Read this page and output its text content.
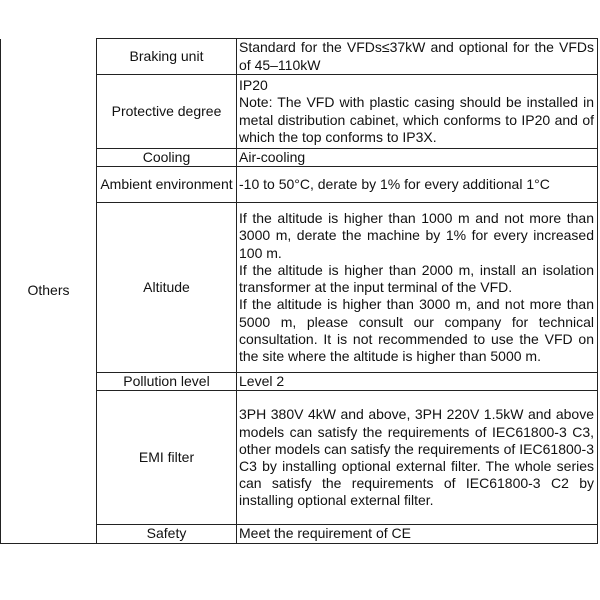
Others	Braking unit	Standard for the VFDs≤37kW and optional for the VFDs of 45–110kW

	Protective degree	IP20

Note: The VFD with plastic casing should be installed in metal distribution cabinet, which conforms to IP20 and of which the top conforms to IP3X.

	Cooling	Air-cooling

	Ambient environment	-10 to 50°C, derate by 1% for every additional 1°C

	Altitude	If the altitude is higher than 1000 m and not more than 3000 m, derate the machine by 1% for every increased 100 m.

If the altitude is higher than 2000 m, install an isolation transformer at the input terminal of the VFD.

If the altitude is higher than 3000 m, and not more than 5000 m, please consult our company for technical consultation. It is not recommended to use the VFD on the site where the altitude is higher than 5000 m.

	Pollution level	Level 2

	EMI filter	3PH 380V 4kW and above, 3PH 220V 1.5kW and above models can satisfy the requirements of IEC61800-3 C3, other models can satisfy the requirements of IEC61800-3 C3 by installing optional external filter. The whole series can satisfy the requirements of IEC61800-3 C2 by installing optional external filter.

	Safety	Meet the requirement of CE
